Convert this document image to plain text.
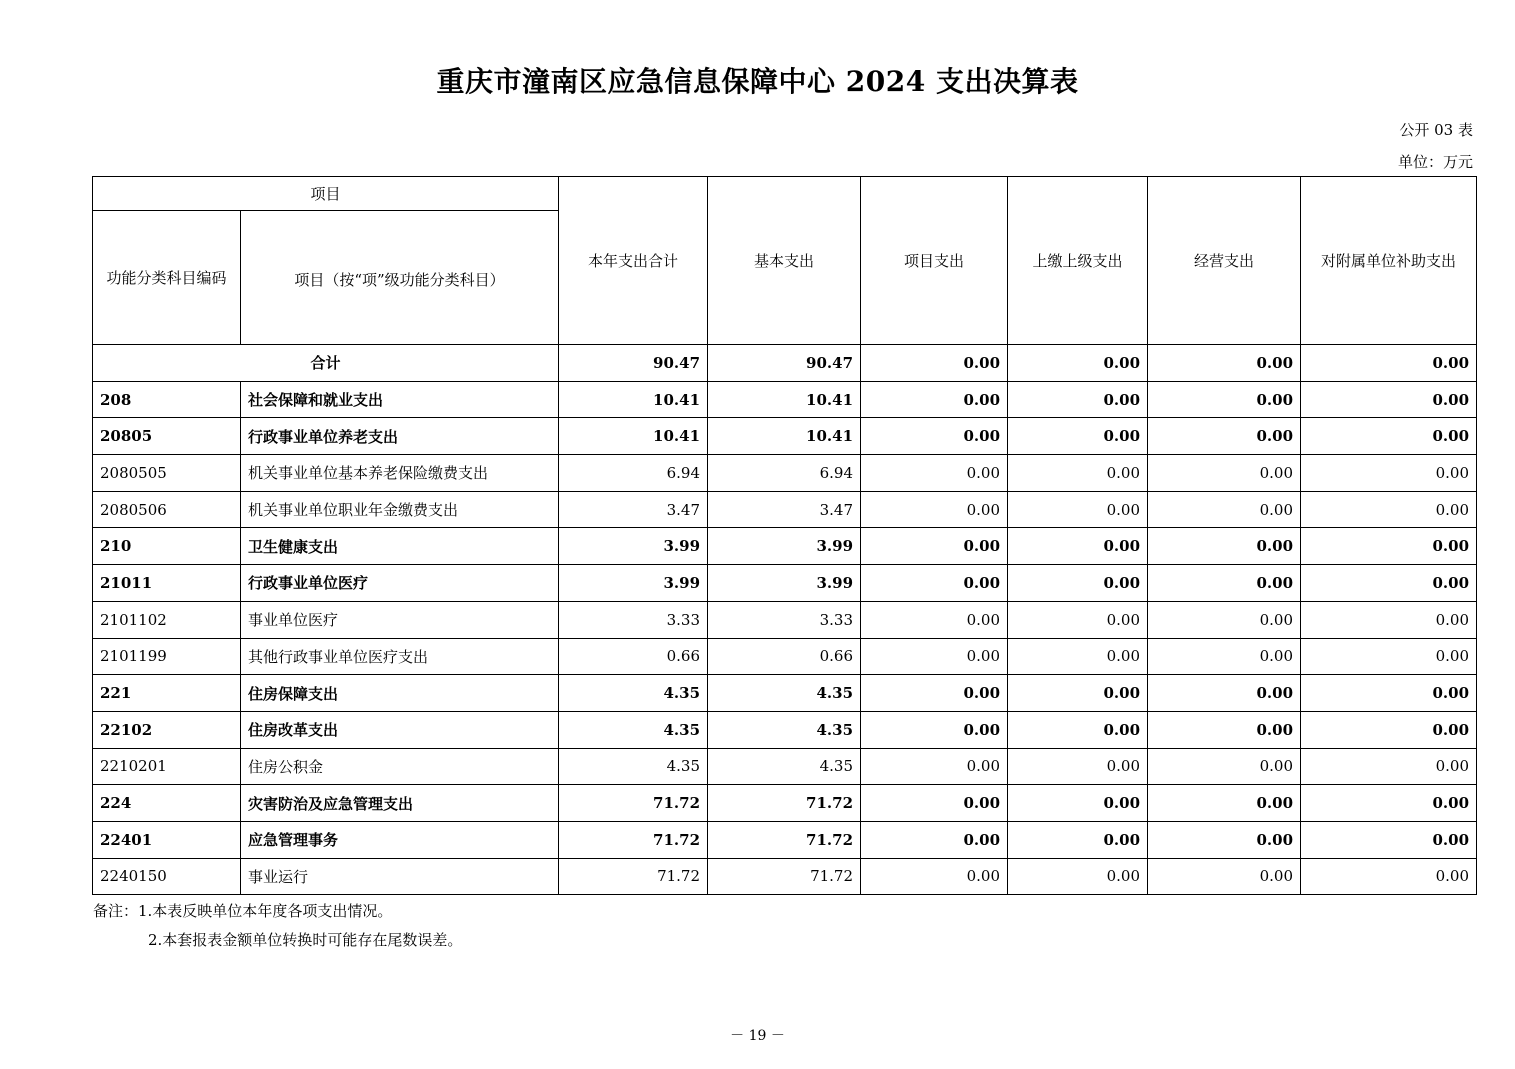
重庆市潼南区应急信息保障中心 2024 支出决算表
公开 03 表
单位：万元
项目		本年支出合计	基本支出	项目支出	上缴上级支出	经营支出	对附属单位补助支出
功能分类科目编码	项目（按“项”级功能分类科目）						
合计		90.47	90.47	0.00	0.00	0.00	0.00
208	社会保障和就业支出	10.41	10.41	0.00	0.00	0.00	0.00
20805	行政事业单位养老支出	10.41	10.41	0.00	0.00	0.00	0.00
2080505	机关事业单位基本养老保险缴费支出	6.94	6.94	0.00	0.00	0.00	0.00
2080506	机关事业单位职业年金缴费支出	3.47	3.47	0.00	0.00	0.00	0.00
210	卫生健康支出	3.99	3.99	0.00	0.00	0.00	0.00
21011	行政事业单位医疗	3.99	3.99	0.00	0.00	0.00	0.00
2101102	事业单位医疗	3.33	3.33	0.00	0.00	0.00	0.00
2101199	其他行政事业单位医疗支出	0.66	0.66	0.00	0.00	0.00	0.00
221	住房保障支出	4.35	4.35	0.00	0.00	0.00	0.00
22102	住房改革支出	4.35	4.35	0.00	0.00	0.00	0.00
2210201	住房公积金	4.35	4.35	0.00	0.00	0.00	0.00
224	灾害防治及应急管理支出	71.72	71.72	0.00	0.00	0.00	0.00
22401	应急管理事务	71.72	71.72	0.00	0.00	0.00	0.00
2240150	事业运行	71.72	71.72	0.00	0.00	0.00	0.00
备注：1.本表反映单位本年度各项支出情况。
2.本套报表金额单位转换时可能存在尾数误差。
－ 19 －
